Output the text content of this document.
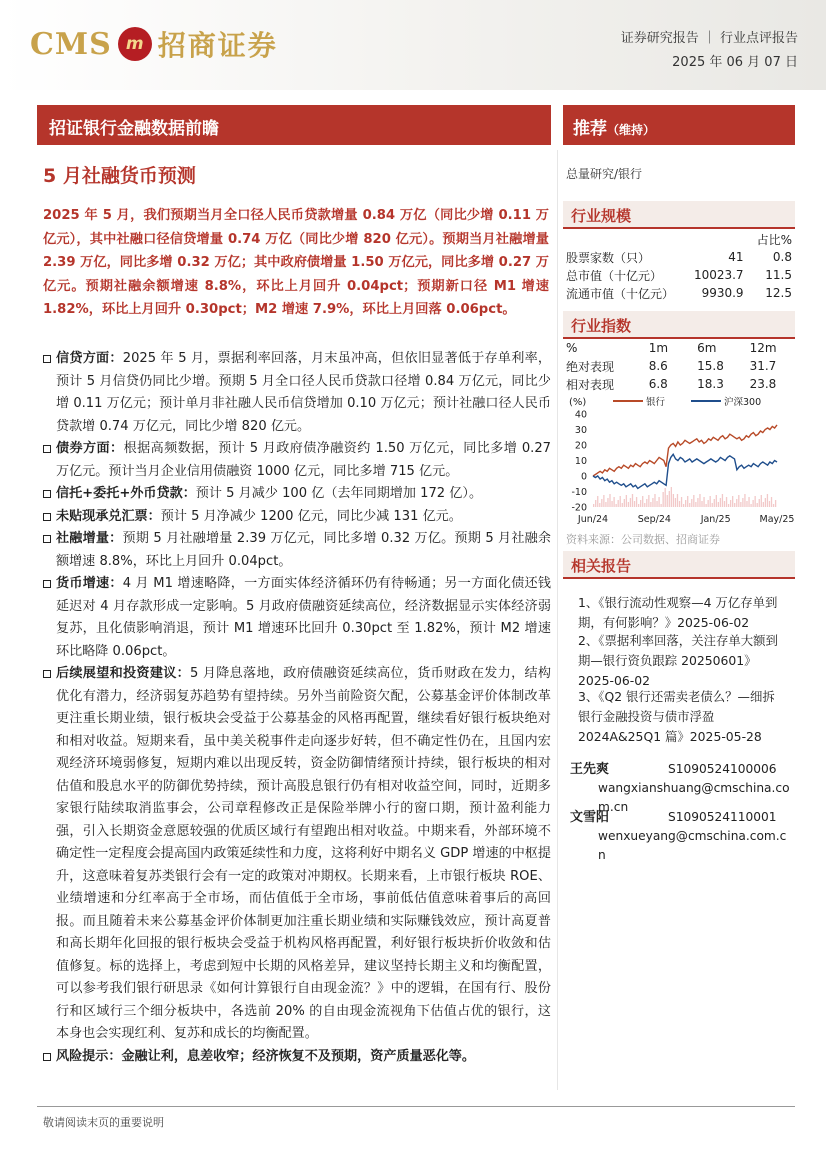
CMS m 招商证券	证券研究报告 ｜ 行业点评报告
2025 年 06 月 07 日
招证银行金融数据前瞻	推荐（维持）
5 月社融货币预测
2025 年 5 月，我们预期当月全口径人民币贷款增量 0.84 万亿（同比少增 0.11 万亿元），其中社融口径信贷增量 0.74 万亿（同比少增 820 亿元）。预期当月社融增量 2.39 万亿，同比多增 0.32 万亿；其中政府债增量 1.50 万亿元，同比多增 0.27 万亿元。预期社融余额增速 8.8%，环比上月回升 0.04pct；预期新口径 M1 增速 1.82%，环比上月回升 0.30pct；M2 增速 7.9%，环比上月回落 0.06pct。
信贷方面：2025 年 5 月，票据利率回落，月末虽冲高，但依旧显著低于存单利率，预计 5 月信贷仍同比少增。预期 5 月全口径人民币贷款口径增 0.84 万亿元，同比少增 0.11 万亿元；预计单月非社融人民币信贷增加 0.10 万亿元；预计社融口径人民币贷款增 0.74 万亿元，同比少增 820 亿元。
债券方面：根据高频数据，预计 5 月政府债净融资约 1.50 万亿元，同比多增 0.27 万亿元。预计当月企业信用债融资 1000 亿元，同比多增 715 亿元。
信托+委托+外币贷款：预计 5 月减少 100 亿（去年同期增加 172 亿）。
未贴现承兑汇票：预计 5 月净减少 1200 亿元，同比少减 131 亿元。
社融增量：预期 5 月社融增量 2.39 万亿元，同比多增 0.32 万亿。预期 5 月社融余额增速 8.8%，环比上月回升 0.04pct。
货币增速：4 月 M1 增速略降，一方面实体经济循环仍有待畅通；另一方面化债还钱延迟对 4 月存款形成一定影响。5 月政府债融资延续高位，经济数据显示实体经济弱复苏，且化债影响消退，预计 M1 增速环比回升 0.30pct 至 1.82%，预计 M2 增速环比略降 0.06pct。
后续展望和投资建议：5 月降息落地，政府债融资延续高位，货币财政在发力，结构优化有潜力，经济弱复苏趋势有望持续。另外当前险资欠配，公募基金评价体制改革更注重长期业绩，银行板块会受益于公募基金的风格再配置，继续看好银行板块绝对和相对收益。短期来看，虽中美关税事件走向逐步好转，但不确定性仍在，且国内宏观经济环境弱修复，短期内难以出现反转，资金防御情绪预计持续，银行板块的相对估值和股息水平的防御优势持续，预计高股息银行仍有相对收益空间，同时，近期多家银行陆续取消监事会，公司章程修改正是保险举牌小行的窗口期，预计盈利能力强，引入长期资金意愿较强的优质区域行有望跑出相对收益。中期来看，外部环境不确定性一定程度会提高国内政策延续性和力度，这将利好中期名义 GDP 增速的中枢提升，这意味着复苏类银行会有一定的政策对冲期权。长期来看，上市银行板块 ROE、业绩增速和分红率高于全市场，而估值低于全市场，事前低估值意味着事后的高回报。而且随着未来公募基金评价体制更加注重长期业绩和实际赚钱效应，预计高夏普和高长期年化回报的银行板块会受益于机构风格再配置，利好银行板块折价收敛和估值修复。标的选择上，考虑到短中长期的风格差异，建议坚持长期主义和均衡配置，可以参考我们银行研思录《如何计算银行自由现金流？》中的逻辑，在国有行、股份行和区域行三个细分板块中，各选前 20% 的自由现金流视角下估值占优的银行，这本身也会实现红利、复苏和成长的均衡配置。
风险提示：金融让利，息差收窄；经济恢复不及预期，资产质量恶化等。
总量研究/银行
行业规模
		占比%
股票家数（只）	41	0.8
总市值（十亿元）	10023.7	11.5
流通市值（十亿元）	9930.9	12.5
行业指数
%	1m	6m	12m
绝对表现	8.6	15.8	31.7
相对表现	6.8	18.3	23.8
(%)	银行	沪深300
40
30
20
10
0
-10
-20
Jun/24	Sep/24	Jan/25	May/25
资料来源：公司数据、招商证券
相关报告
1、《银行流动性观察—4 万亿存单到期，有何影响？》2025-06-02
2、《票据利率回落，关注存单大额到期—银行资负跟踪 20250601》2025-06-02
3、《Q2 银行还需卖老债么？—细拆银行金融投资与债市浮盈 2024A&25Q1 篇》2025-05-28
王先爽	S1090524100006
wangxianshuang@cmschina.com.cn
文雪阳	S1090524110001
wenxueyang@cmschina.com.cn
敬请阅读末页的重要说明
